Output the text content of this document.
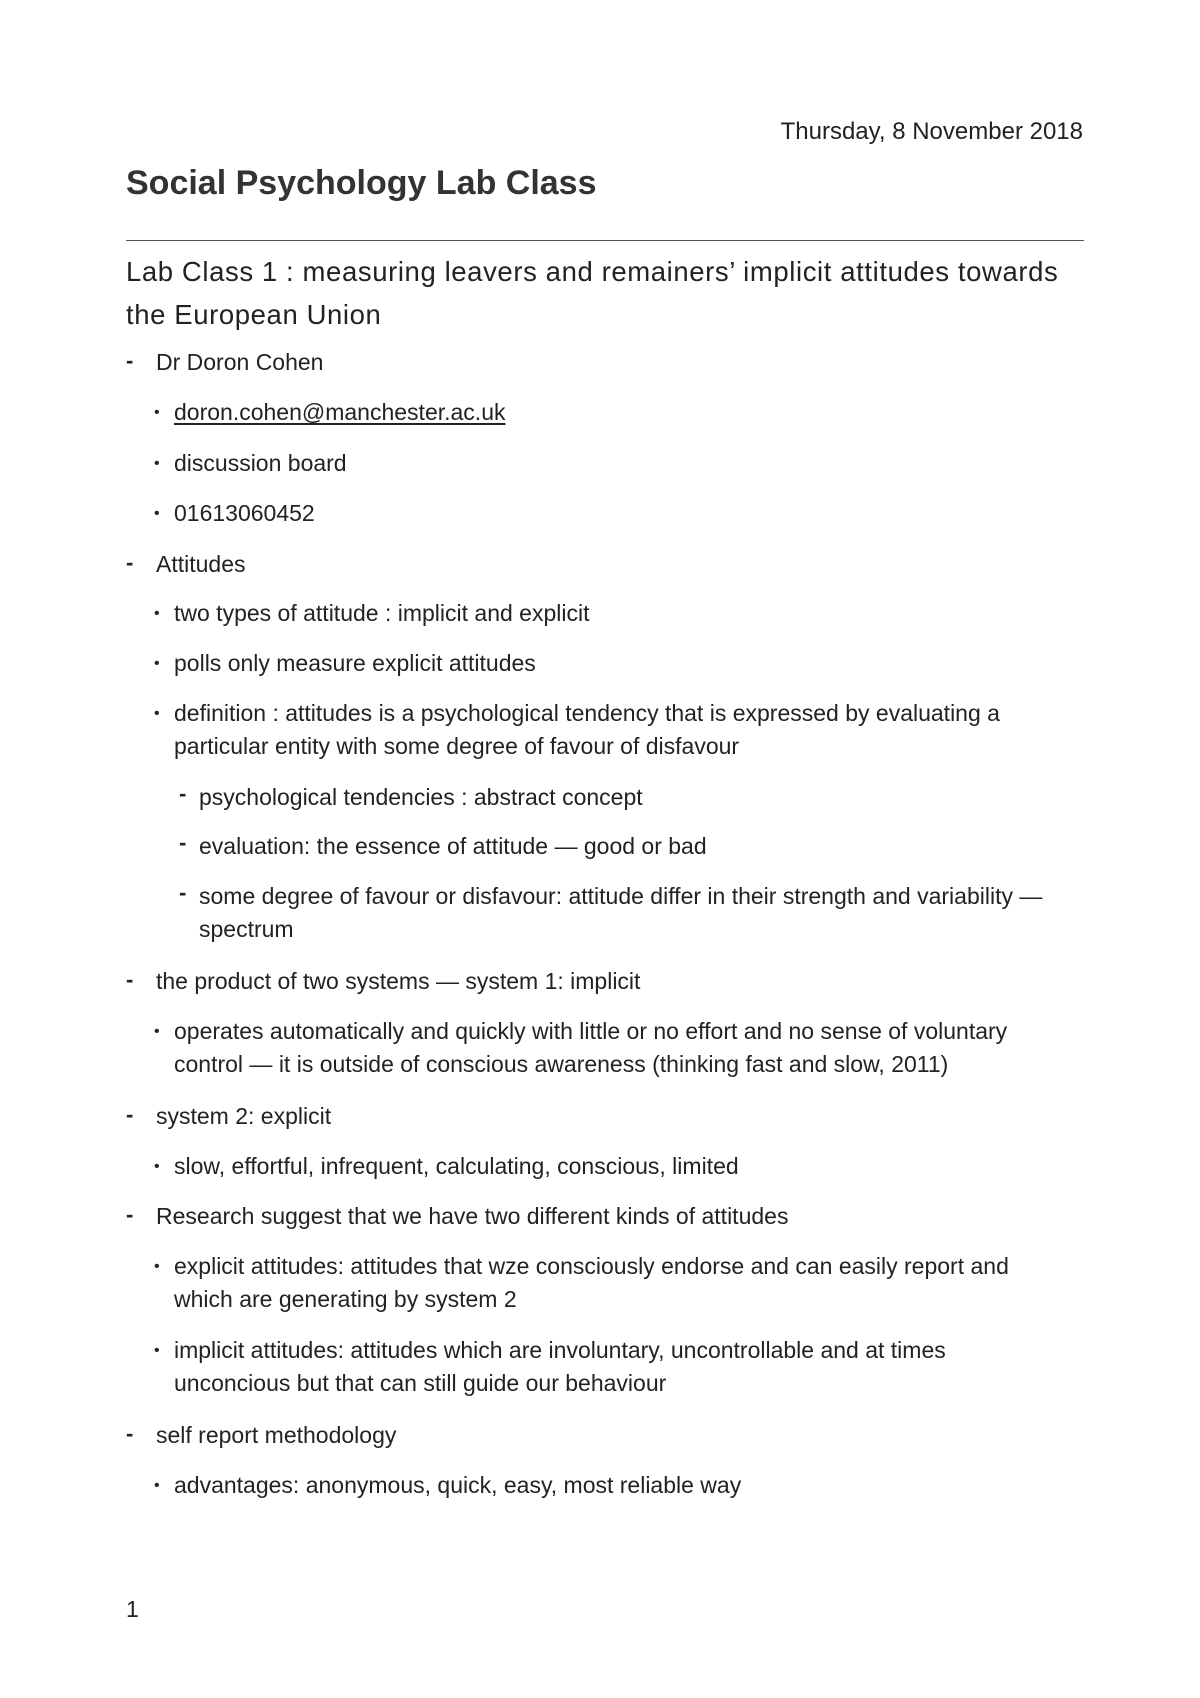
Thursday, 8 November 2018
Social Psychology Lab Class

Lab Class 1 : measuring leavers and remainers’ implicit attitudes towards the European Union

- Dr Doron Cohen
• doron.cohen@manchester.ac.uk
• discussion board
• 01613060452
- Attitudes
• two types of attitude : implicit and explicit
• polls only measure explicit attitudes
• definition : attitudes is a psychological tendency that is expressed by evaluating a particular entity with some degree of favour of disfavour
- psychological tendencies : abstract concept
- evaluation: the essence of attitude — good or bad
- some degree of favour or disfavour: attitude differ in their strength and variability — spectrum
- the product of two systems — system 1: implicit
• operates automatically and quickly with little or no effort and no sense of voluntary control — it is outside of conscious awareness (thinking fast and slow, 2011)
- system 2: explicit
• slow, effortful, infrequent, calculating, conscious, limited
- Research suggest that we have two different kinds of attitudes
• explicit attitudes: attitudes that wze consciously endorse and can easily report and which are generating by system 2
• implicit attitudes: attitudes which are involuntary, uncontrollable and at times unconcious but that can still guide our behaviour
- self report methodology
• advantages: anonymous, quick, easy, most reliable way
1
